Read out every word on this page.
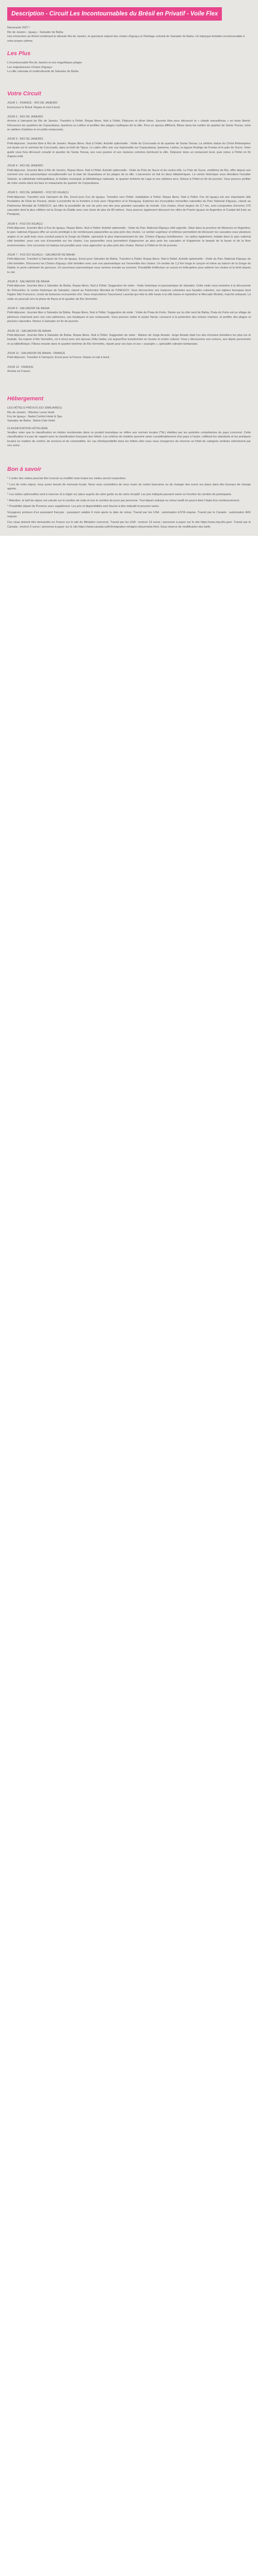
Description - Circuit Les Incontournables du Brésil en Privatif - Voile Flex

Nouveauté 2027 !

Rio de Janeiro - Iguaçu - Salvador de Bahia

Une immersion au Brésil combinant la vibrante Rio de Janeiro, le spectacle naturel des chutes d'Iguaçu et l'héritage colonial de Salvador de Bahia. Un triptyque brésilien incontournable à votre propre rythme.

Les Plus

L'incontournable Rio de Janeiro et ses magnifiques plages

Les majestueuses Chutes d'Iguaçu

La ville coloniale et multiculturelle de Salvador de Bahia

Votre Circuit

JOUR 1 : FRANCE - RIO DE JANEIRO

Envol pour le Brésil. Repas et nuit à bord.

JOUR 2 : RIO DE JANEIRO

Arrivée à l'aéroport de Rio de Janeiro. Transfert à l'hôtel. Repas libres. Nuit à l'hôtel. Déjeuner et dîner libres. Journée libre pour découvrir la « cidade maravilhosa » en toute liberté. Découvrez les quartiers de Copacabana, Ipanema ou Leblon et profitez des plages mythiques de la ville. Pour un aperçu différent, flânez dans les ruelles du quartier de Santa Teresa, riche en ateliers d'artistes et en petits restaurants.

JOUR 3 : RIO DE JANEIRO

Petit-déjeuner. Journée libre à Rio de Janeiro. Repas libres. Nuit à l'hôtel. Activité optionnelle : Visite du Corcovado et du quartier de Santa Teresa. La célèbre statue du Christ Rédempteur est située sur le sommet du Corcovado, dans la forêt de Tijuca. Le cadre offre une vue imprenable sur Copacabana, Ipanema, Leblon, la lagune Rodrigo de Freitas et le pain de Sucre. Votre guide vous fera découvrir ensuite le quartier de Santa Teresa, ses rues pavées et ses maisons colorées dominant la ville. Déjeuner dans un restaurant local, puis retour à l'hôtel en fin d'après-midi.

JOUR 4 : RIO DE JANEIRO

Petit-déjeuner. Journée libre à Rio de Janeiro. Repas libres. Nuit à l'hôtel. Activité optionnelle : Visite du Pain de Sucre et du centre-ville. Le Pain de Sucre, emblème de Rio, offre depuis son sommet une vue panoramique exceptionnelle sur la baie de Guanabara et les plages de la ville. L'ascension se fait en deux téléphériques. Le centre historique vous dévoilera l'escalier Selarón, la cathédrale métropolitaine, le théâtre municipal, la bibliothèque nationale, le quartier bohème de Lapa et ses célèbres arcs. Retour à l'hôtel en fin de journée. Vous pourrez profiter de votre soirée dans les bars et restaurants du quartier de Copacabana.

JOUR 5 : RIO DE JANEIRO - FOZ DO IGUAÇU

Petit-déjeuner. Transfert vers l'aéroport de Rio. Envol pour Foz de Iguaçu. Transfert vers l'hôtel. Installation à l'hôtel. Repas libres. Nuit à l'hôtel. Foz do Iguaçu est une importante ville frontalière de l'Etat du Paraná, située à proximité de la frontière à trois avec l'Argentine et le Paraguay. Explorez les incroyables merveilles naturelles du Parc National d'Iguaçu, classé au Patrimoine Mondial de l'UNESCO, qui offre la possibilité de voir de près une des plus grandes cascades du monde. Ces chutes, d'une largeur de 2,7 km, sont composées d'environ 275 cascades dont la plus célèbre est la Gorge du Diable avec une chute de plus de 80 mètres. Vous pourrez également découvrir les villes de Puerto Iguazú en Argentine et Ciudad del Este au Paraguay.

JOUR 6 : FOZ DO IGUAÇU

Petit-déjeuner. Journée libre à Foz do Iguaçu. Repas libres. Nuit à l'hôtel. Activité optionnelle : Visite du Parc National d'Iguaçu côté argentin. Situé dans la province de Misiones en Argentine, le parc national d'Iguazú offre un accès privilégié à de nombreuses passerelles au plus près des chutes. Le sentier supérieur et inférieur permettent de découvrir les cascades sous plusieurs angles et un petit train vous conduit jusqu'à la Gorge du Diable, spectacle le plus impressionnant du site. Chutes d'Iguaçu brésiliennes : en option également, balade dans le parc national côté brésilien, pour une vue d'ensemble sur les chutes. Les passerelles vous permettent d'approcher au plus près les cascades et d'apprécier la beauté de la faune et de la flore environnantes. Une excursion en bateau est possible pour vous approcher au plus près des chutes. Retour à l'hôtel en fin de journée.

JOUR 7 : FOZ DO IGUAÇU - SALVADOR DE BAHIA

Petit-déjeuner. Transfert à l'aéroport de Foz do Iguaçu. Envol pour Salvador de Bahia. Transfert à l'hôtel. Repas libres. Nuit à l'hôtel. Activité optionnelle : Visite du Parc National d'Iguaçu du côté brésilien. Découvrez les Chutes d'Iguaçu côté brésilien avec une vue panoramique sur l'ensemble des chutes. Un sentier de 1,2 km longe le canyon et mène au balcon de la Gorge du Diable, le point culminant du parcours. Un ascenseur panoramique vous ramène ensuite au sommet. Possibilité d'effectuer un survol en hélicoptère pour admirer les chutes et la forêt depuis le ciel.

JOUR 8 : SALVADOR DE BAHIA

Petit-déjeuner. Journée libre à Salvador de Bahia. Repas libres. Nuit à l'hôtel. Suggestion de visite : Visite historique et panoramique de Salvador. Cette visite vous emmène à la découverte du Pelourinho, le centre historique de Salvador, classé au Patrimoine Mondial de l'UNESCO. Vous découvrirez ses maisons coloniales aux façades colorées, ses églises baroques dont l'église São Francisco, ornée de boiseries recouvertes d'or. Vous emprunterez l'ascenseur Lacerda qui relie la ville haute à la ville basse et rejoindrez le Mercado Modelo, marché artisanal. La visite se poursuit vers le phare de Barra et le quartier de Rio Vermelho.

JOUR 9 : SALVADOR DE BAHIA

Petit-déjeuner. Journée libre à Salvador de Bahia. Repas libres. Nuit à l'hôtel. Suggestion de visite : Visite de Praia do Forte. Située sur la côte nord de Bahia, Praia do Forte est un village de pêcheurs charmant avec ses rues piétonnes, ses boutiques et ses restaurants. Vous pourrez visiter le projet Tamar, consacré à la protection des tortues marines, et profiter des plages et piscines naturelles. Retour à Salvador en fin de journée.

JOUR 10 : SALVADOR DE BAHIA

Petit-déjeuner. Journée libre à Salvador de Bahia. Repas libres. Nuit à l'hôtel. Suggestion de visite : Maison de Jorge Amado. Jorge Amado était l'un des écrivains brésiliens les plus lus et traduits. Sa maison à Rio Vermelho, où il vécut avec son épouse Zélia Gattai, est aujourd'hui transformée en musée et centre culturel. Vous y découvrirez son univers, ses objets personnels et sa bibliothèque. Flânez ensuite dans le quartier bohème de Rio Vermelho, réputé pour ses bars et ses « acarajés », spécialité culinaire bahianaise.

JOUR 11 : SALVADOR DE BAHIA - FRANCE

Petit-déjeuner. Transfert à l'aéroport. Envol pour la France. Repas et nuit à bord.

JOUR 12 : FRANCE

Arrivée en France.

Hébergement

LES HÔTELS PRÉVUS (OU SIMILAIRES)

Rio de Janeiro : Windsor Leme Hotel

Foz de Iguaçu : Nadai Confort Hotel & Spa

Salvador de Bahia : Bahia Cafe Hotel

CLASSIFICATION HÔTELIÈRE

Veuillez noter que la classification en étoiles mentionnée dans ce produit touristique se réfère aux normes locales (*NL) établies par les autorités compétentes du pays concerné. Cette classification n'a pas de rapport avec la classification française des hôtels. Les critères de notation peuvent varier considérablement d'un pays à l'autre, reflétant les standards et les pratiques locales en matière de confort, de services et de commodités. En cas d'indisponibilité dans les hôtels cités nous nous chargerons de réserver un hôtel de catégorie similaire sélectionné par nos soins.

Bon à savoir

* L'ordre des visites pourrait être inversé ou modifié mais toutes les visites seront respectées.

* Lors de votre séjour, vous aurez besoin de monnaie locale. Nous vous conseillons de vous munir de cartes bancaires ou de changer des euros sur place dans des bureaux de change agréés.

* Les visites optionnelles sont à réserver et à régler sur place auprès de votre guide ou de notre réceptif. Les prix indiqués peuvent varier en fonction du nombre de participants.

* Attention, le tarif de séjour est calculé sur le nombre de nuits et non le nombre de jours par personne. Tout départ anticipé ou retour tardif ne pourra faire l'objet d'un remboursement.

* Possibilité départ de Province avec supplément. Les prix et disponibilités sont fournis à titre indicatif et peuvent varier.

Voyageurs porteurs d'un passeport français : passeport valable 6 mois après la date de retour. Transit par les USA : autorisation ESTA requise. Transit par le Canada : autorisation AVE requise.

Ces visas doivent être demandés en France sur le site du Ministère concerné. Transit par les USA : environ 13 euros / personne à payer sur le site https://esta.cbp.dhs.gov/. Transit par le Canada : environ 5 euros / personne à payer sur le site https://www.canada.ca/fr/immigration-refugies-citoyennete.html. Sous réserve de modification des tarifs.
